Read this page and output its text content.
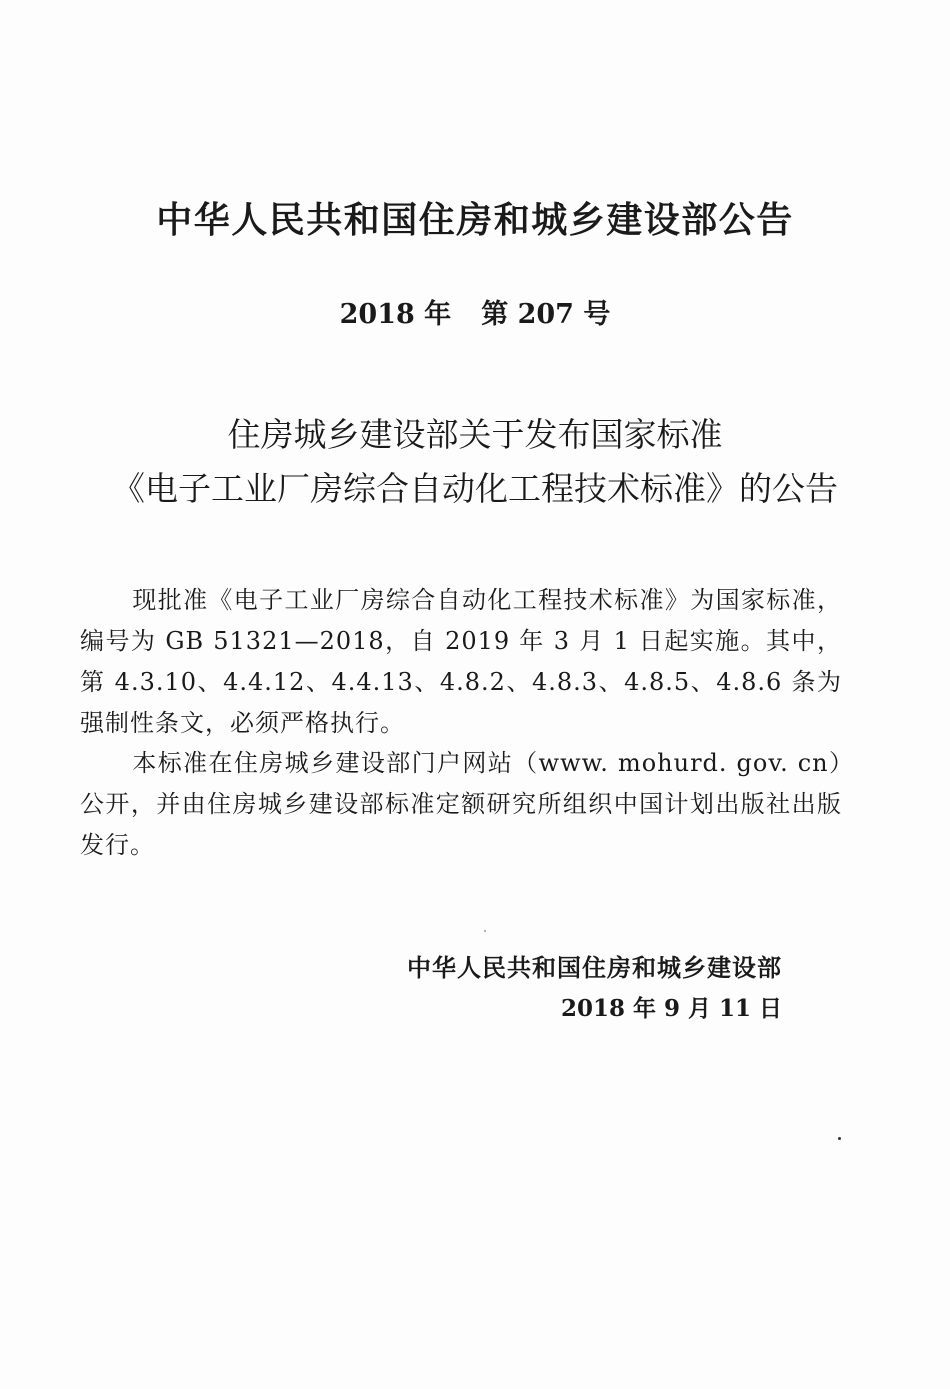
中华人民共和国住房和城乡建设部公告
2018 年 第 207 号
住房城乡建设部关于发布国家标准
《电子工业厂房综合自动化工程技术标准》的公告

现批准《电子工业厂房综合自动化工程技术标准》为国家标准，编号为 GB 51321—2018，自 2019 年 3 月 1 日起实施。其中，第 4.3.10、4.4.12、4.4.13、4.8.2、4.8.3、4.8.5、4.8.6 条为强制性条文，必须严格执行。

本标准在住房城乡建设部门户网站（www. mohurd. gov. cn）公开，并由住房城乡建设部标准定额研究所组织中国计划出版社出版发行。

中华人民共和国住房和城乡建设部
2018 年 9 月 11 日
